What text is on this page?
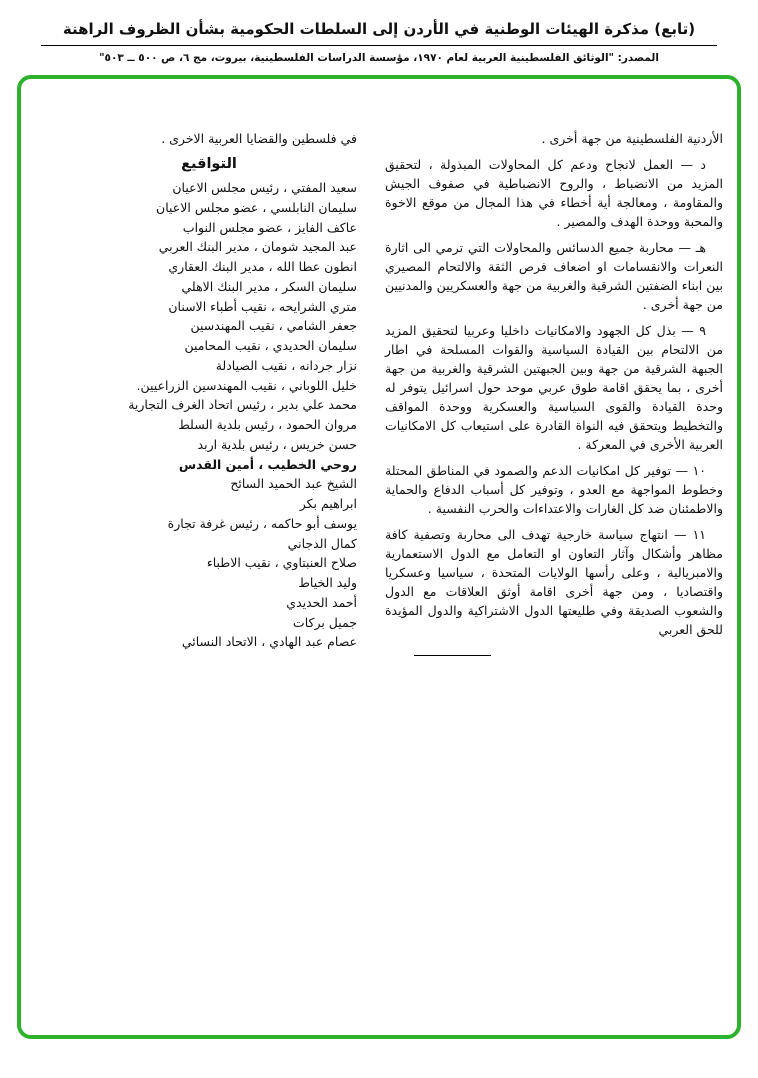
(تابع) مذكرة الهيئات الوطنية في الأردن إلى السلطات الحكومية بشأن الظروف الراهنة
المصدر: "الوثائق الفلسطينية العربية لعام ١٩٧٠، مؤسسة الدراسات الفلسطينية، بيروت، مج ٦، ص ٥٠٠ ــ ٥٠٣"

الأردنية الفلسطينية من جهة أخرى .

د — العمل لانجاح ودعم كل المحاولات المبذولة ، لتحقيق المزيد من الانضباط ، والروح الانضباطية في صفوف الجيش والمقاومة ، ومعالجة أية أخطاء في هذا المجال من موقع الاخوة والمحبة ووحدة الهدف والمصير .

هـ — محاربة جميع الدسائس والمحاولات التي ترمي الى اثارة النعرات والانقسامات او اضعاف فرص الثقة والالتحام المصيري بين ابناء الضفتين الشرقية والغربية من جهة والعسكريين والمدنيين من جهة أخرى .

٩ — بذل كل الجهود والامكانيات داخليا وعربيا لتحقيق المزيد من الالتحام بين القيادة السياسية والقوات المسلحة في اطار الجبهة الشرقية من جهة وبين الجبهتين الشرقية والغربية من جهة أخرى ، بما يحقق اقامة طوق عربي موحد حول اسرائيل يتوفر له وحدة القيادة والقوى السياسية والعسكرية ووحدة المواقف والتخطيط ويتحقق فيه النواة القادرة على استيعاب كل الامكانيات العربية الأخرى في المعركة .

١٠ — توفير كل امكانيات الدعم والصمود في المناطق المحتلة وخطوط المواجهة مع العدو ، وتوفير كل أسباب الدفاع والحماية والاطمئنان ضد كل الغارات والاعتداءات والحرب النفسية .

١١ — انتهاج سياسة خارجية تهدف الى محاربة وتصفية كافة مظاهر وأشكال وآثار التعاون او التعامل مع الدول الاستعمارية والامبريالية ، وعلى رأسها الولايات المتحدة ، سياسيا وعسكريا واقتصاديا ، ومن جهة أخرى اقامة أوثق العلاقات مع الدول والشعوب الصديقة وفي طليعتها الدول الاشتراكية والدول المؤيدة للحق العربي

في فلسطين والقضايا العربية الاخرى .

التواقيع
سعيد المفتي ، رئيس مجلس الاعيان
سليمان النابلسي ، عضو مجلس الاعيان
عاكف الفايز ، عضو مجلس النواب
عبد المجيد شومان ، مدير البنك العربي
انطون عطا الله ، مدير البنك العقاري
سليمان السكر ، مدير البنك الاهلي
متري الشرايحه ، نقيب أطباء الاسنان
جعفر الشامي ، نقيب المهندسين
سليمان الحديدي ، نقيب المحامين
نزار جردانه ، نقيب الصيادلة
خليل اللوباني ، نقيب المهندسين الزراعيين.
محمد علي بدير ، رئيس اتحاد الغرف التجارية
مروان الحمود ، رئيس بلدية السلط
حسن خريس ، رئيس بلدية اربد
روحي الخطيب ، أمين القدس
الشيخ عبد الحميد السائح
ابراهيم بكر
يوسف أبو حاكمه ، رئيس غرفة تجارة
كمال الدجاني
صلاح العنبتاوي ، نقيب الاطباء
وليد الخياط
أحمد الحديدي
جميل بركات
عصام عبد الهادي ، الاتحاد النسائي
